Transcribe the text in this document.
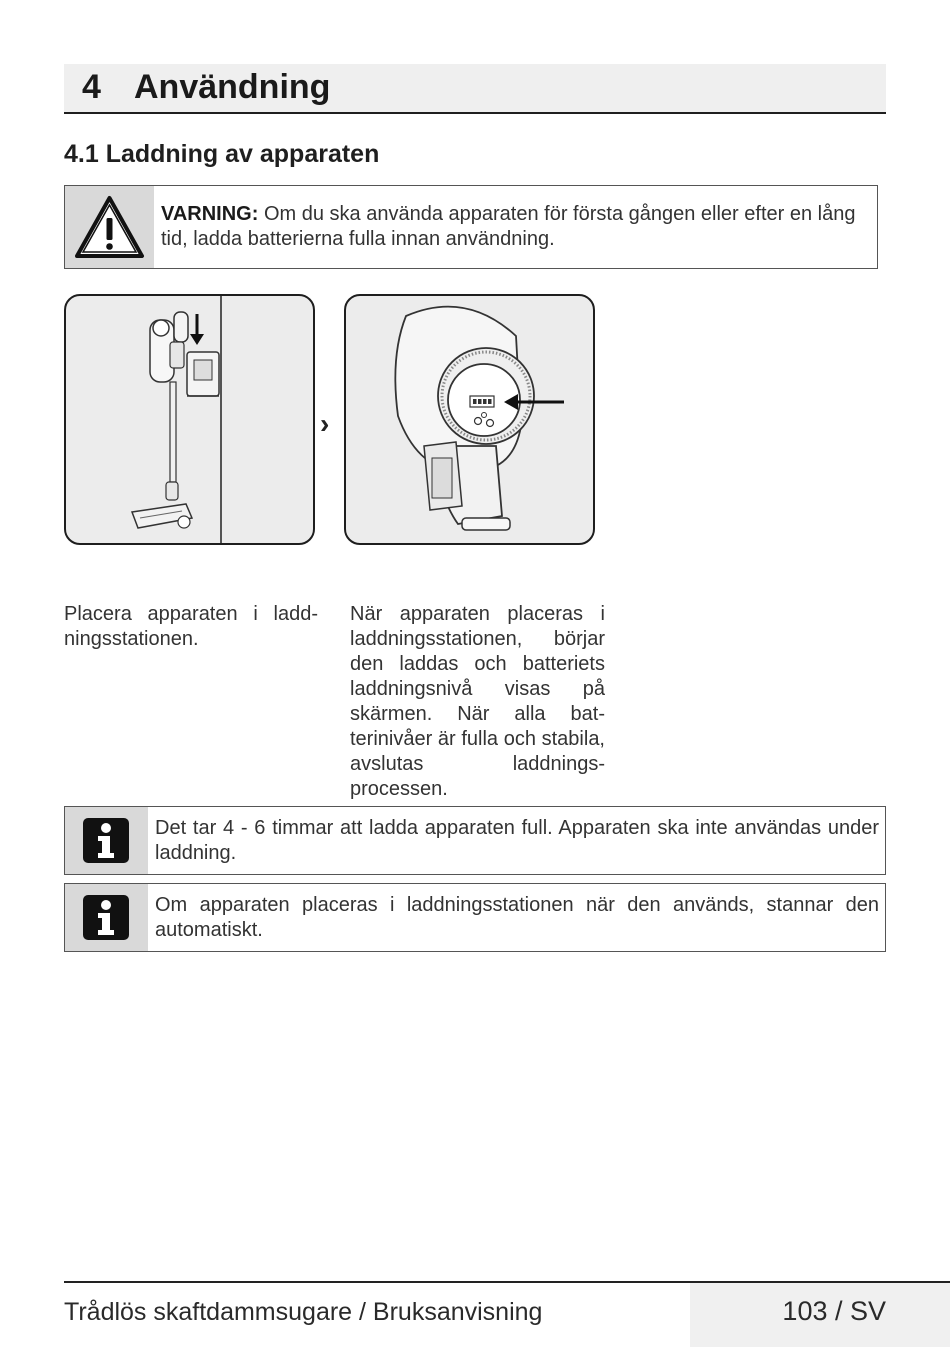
4 Användning
4.1 Laddning av apparaten
VARNING: Om du ska använda apparaten för första gången eller efter en lång tid, ladda batterierna fulla innan användning.
›
Placera apparaten i laddningsstationen.
När apparaten placeras i laddningsstationen, börjar den laddas och batteriets laddningsnivå visas på skärmen. När alla batterinivåer är fulla och stabila, avslutas laddningsprocessen.
Det tar 4 - 6 timmar att ladda apparaten full. Apparaten ska inte användas under laddning.
Om apparaten placeras i laddningsstationen när den används, stannar den automatiskt.
Trådlös skaftdammsugare / Bruksanvisning	103 / SV
